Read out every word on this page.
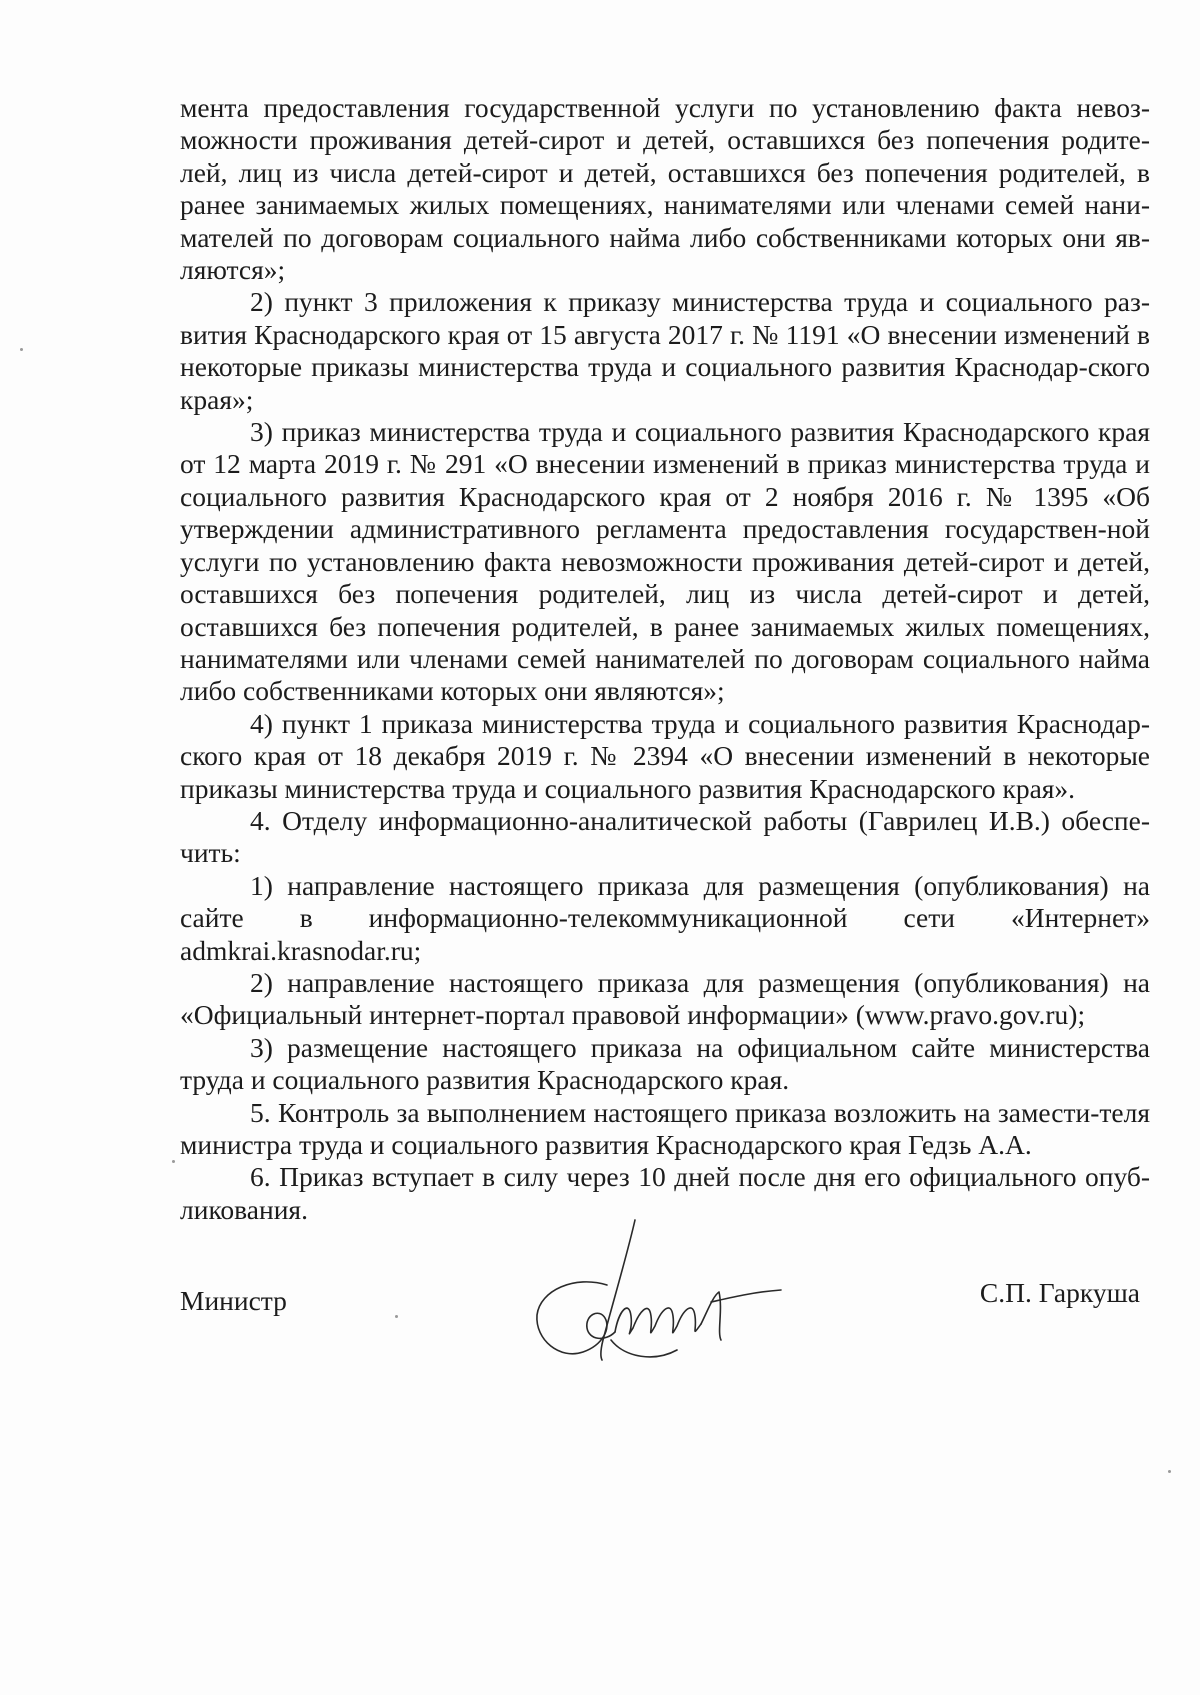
мента предоставления государственной услуги по установлению факта невоз-можности проживания детей-сирот и детей, оставшихся без попечения родите-лей, лиц из числа детей-сирот и детей, оставшихся без попечения родителей, в ранее занимаемых жилых помещениях, нанимателями или членами семей нани-мателей по договорам социального найма либо собственниками которых они яв-ляются»;

2) пункт 3 приложения к приказу министерства труда и социального раз-вития Краснодарского края от 15 августа 2017 г. № 1191 «О внесении изменений в некоторые приказы министерства труда и социального развития Краснодар-ского края»;

3) приказ министерства труда и социального развития Краснодарского края от 12 марта 2019 г. № 291 «О внесении изменений в приказ министерства труда и социального развития Краснодарского края от 2 ноября 2016 г. № 1395 «Об утверждении административного регламента предоставления государствен-ной услуги по установлению факта невозможности проживания детей-сирот и детей, оставшихся без попечения родителей, лиц из числа детей-сирот и детей, оставшихся без попечения родителей, в ранее занимаемых жилых помещениях, нанимателями или членами семей нанимателей по договорам социального найма либо собственниками которых они являются»;

4) пункт 1 приказа министерства труда и социального развития Краснодар-ского края от 18 декабря 2019 г. № 2394 «О внесении изменений в некоторые приказы министерства труда и социального развития Краснодарского края».

4. Отделу информационно-аналитической работы (Гаврилец И.В.) обеспе-чить:

1) направление настоящего приказа для размещения (опубликования) на сайте в информационно-телекоммуникационной сети «Интернет» admkrai.krasnodar.ru;

2) направление настоящего приказа для размещения (опубликования) на «Официальный интернет-портал правовой информации» (www.pravo.gov.ru);

3) размещение настоящего приказа на официальном сайте министерства труда и социального развития Краснодарского края.

5. Контроль за выполнением настоящего приказа возложить на замести-теля министра труда и социального развития Краснодарского края Гедзь А.А.

6. Приказ вступает в силу через 10 дней после дня его официального опуб-ликования.

Министр	С.П. Гаркуша
